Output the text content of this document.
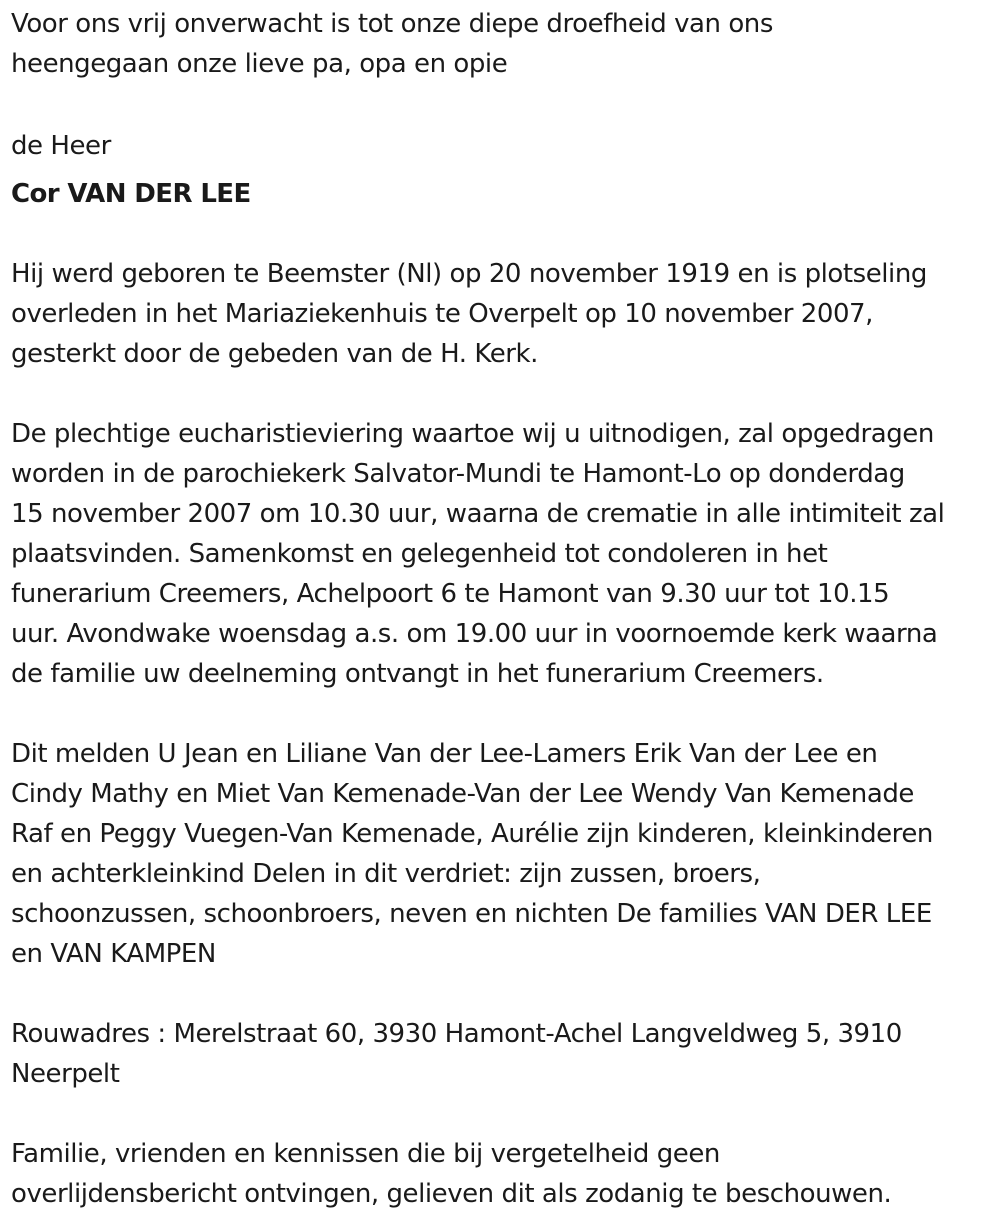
Voor ons vrij onverwacht is tot onze diepe droefheid van ons
heengegaan onze lieve pa, opa en opie

de Heer

Cor VAN DER LEE

Hij werd geboren te Beemster (Nl) op 20 november 1919 en is plotseling
overleden in het Mariaziekenhuis te Overpelt op 10 november 2007,
gesterkt door de gebeden van de H. Kerk.

De plechtige eucharistieviering waartoe wij u uitnodigen, zal opgedragen
worden in de parochiekerk Salvator-Mundi te Hamont-Lo op donderdag
15 november 2007 om 10.30 uur, waarna de crematie in alle intimiteit zal
plaatsvinden. Samenkomst en gelegenheid tot condoleren in het
funerarium Creemers, Achelpoort 6 te Hamont van 9.30 uur tot 10.15
uur. Avondwake woensdag a.s. om 19.00 uur in voornoemde kerk waarna
de familie uw deelneming ontvangt in het funerarium Creemers.

Dit melden U Jean en Liliane Van der Lee-Lamers Erik Van der Lee en
Cindy Mathy en Miet Van Kemenade-Van der Lee Wendy Van Kemenade
Raf en Peggy Vuegen-Van Kemenade, Aurélie zijn kinderen, kleinkinderen
en achterkleinkind Delen in dit verdriet: zijn zussen, broers,
schoonzussen, schoonbroers, neven en nichten De families VAN DER LEE
en VAN KAMPEN

Rouwadres : Merelstraat 60, 3930 Hamont-Achel Langveldweg 5, 3910
Neerpelt

Familie, vrienden en kennissen die bij vergetelheid geen
overlijdensbericht ontvingen, gelieven dit als zodanig te beschouwen.
